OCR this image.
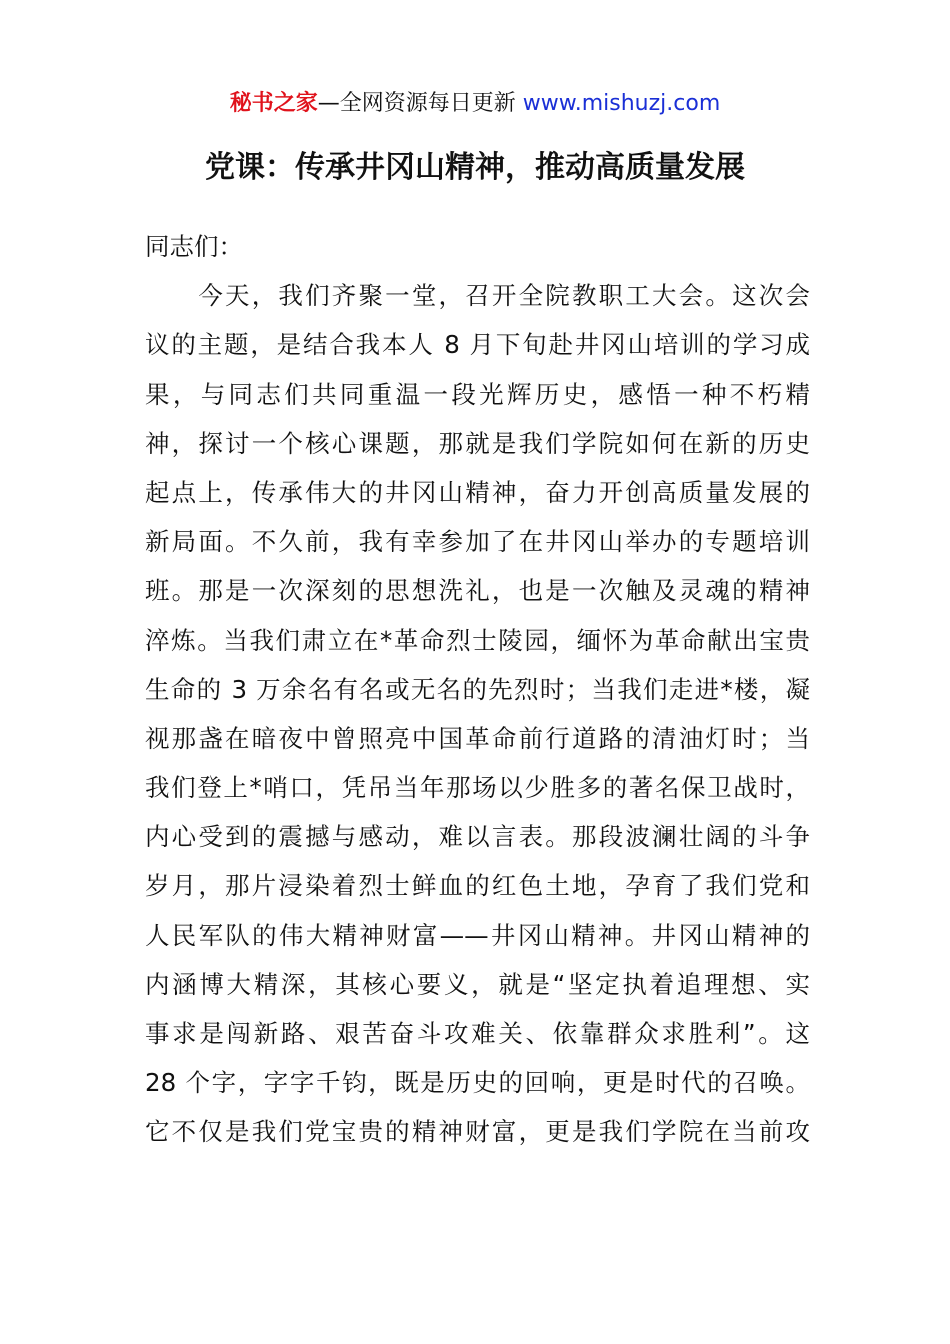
秘书之家—全网资源每日更新 www.mishuzj.com
党课：传承井冈山精神，推动高质量发展
同志们：
　　今天，我们齐聚一堂，召开全院教职工大会。这次会
议的主题，是结合我本人 8 月下旬赴井冈山培训的学习成
果，与同志们共同重温一段光辉历史，感悟一种不朽精
神，探讨一个核心课题，那就是我们学院如何在新的历史
起点上，传承伟大的井冈山精神，奋力开创高质量发展的
新局面。不久前，我有幸参加了在井冈山举办的专题培训
班。那是一次深刻的思想洗礼，也是一次触及灵魂的精神
淬炼。当我们肃立在*革命烈士陵园，缅怀为革命献出宝贵
生命的 3 万余名有名或无名的先烈时；当我们走进*楼，凝
视那盏在暗夜中曾照亮中国革命前行道路的清油灯时；当
我们登上*哨口，凭吊当年那场以少胜多的著名保卫战时，
内心受到的震撼与感动，难以言表。那段波澜壮阔的斗争
岁月，那片浸染着烈士鲜血的红色土地，孕育了我们党和
人民军队的伟大精神财富——井冈山精神。井冈山精神的
内涵博大精深，其核心要义，就是“坚定执着追理想、实
事求是闯新路、艰苦奋斗攻难关、依靠群众求胜利”。这
28 个字，字字千钧，既是历史的回响，更是时代的召唤。
它不仅是我们党宝贵的精神财富，更是我们学院在当前攻
